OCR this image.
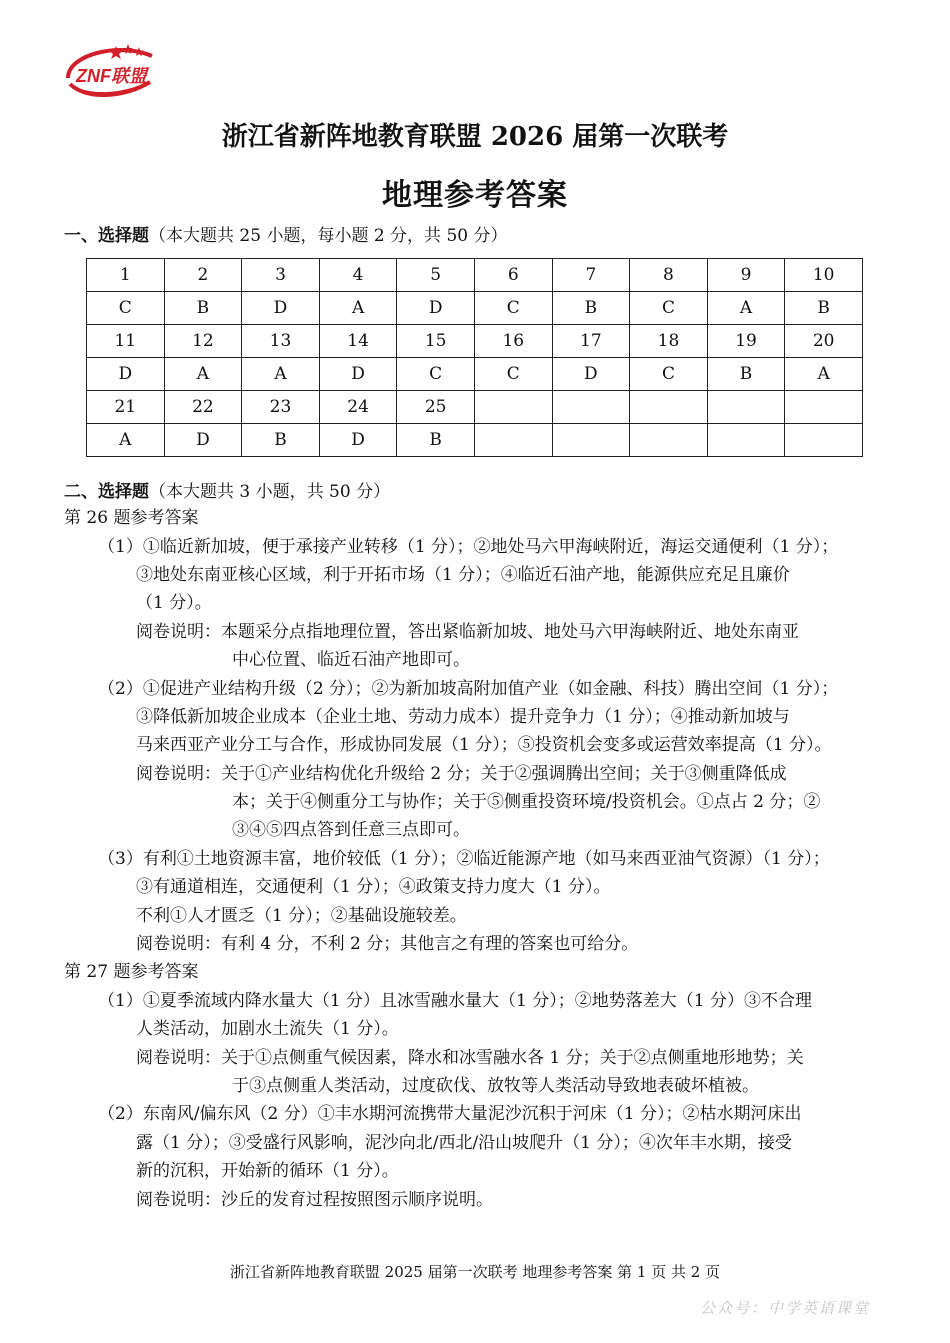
ZNF联盟
浙江省新阵地教育联盟 2026 届第一次联考
地理参考答案
一、选择题（本大题共 25 小题，每小题 2 分，共 50 分）
1	2	3	4	5	6	7	8	9	10
C	B	D	A	D	C	B	C	A	B
11	12	13	14	15	16	17	18	19	20
D	A	A	D	C	C	D	C	B	A
21	22	23	24	25					
A	D	B	D	B					
二、选择题（本大题共 3 小题，共 50 分）
第 26 题参考答案
（1）①临近新加坡，便于承接产业转移（1 分）；②地处马六甲海峡附近，海运交通便利（1 分）；
③地处东南亚核心区域，利于开拓市场（1 分）；④临近石油产地，能源供应充足且廉价
（1 分）。
阅卷说明：本题采分点指地理位置，答出紧临新加坡、地处马六甲海峡附近、地处东南亚
中心位置、临近石油产地即可。
（2）①促进产业结构升级（2 分）；②为新加坡高附加值产业（如金融、科技）腾出空间（1 分）；
③降低新加坡企业成本（企业土地、劳动力成本）提升竞争力（1 分）；④推动新加坡与
马来西亚产业分工与合作，形成协同发展（1 分）；⑤投资机会变多或运营效率提高（1 分）。
阅卷说明：关于①产业结构优化升级给 2 分；关于②强调腾出空间；关于③侧重降低成
本；关于④侧重分工与协作；关于⑤侧重投资环境/投资机会。①点占 2 分；②
③④⑤四点答到任意三点即可。
（3）有利①土地资源丰富，地价较低（1 分）；②临近能源产地（如马来西亚油气资源）（1 分）；
③有通道相连，交通便利（1 分）；④政策支持力度大（1 分）。
不利①人才匮乏（1 分）；②基础设施较差。
阅卷说明：有利 4 分，不利 2 分；其他言之有理的答案也可给分。
第 27 题参考答案
（1）①夏季流域内降水量大（1 分）且冰雪融水量大（1 分）；②地势落差大（1 分）③不合理
人类活动，加剧水土流失（1 分）。
阅卷说明：关于①点侧重气候因素，降水和冰雪融水各 1 分；关于②点侧重地形地势；关
于③点侧重人类活动，过度砍伐、放牧等人类活动导致地表破坏植被。
（2）东南风/偏东风（2 分）①丰水期河流携带大量泥沙沉积于河床（1 分）；②枯水期河床出
露（1 分）；③受盛行风影响，泥沙向北/西北/沿山坡爬升（1 分）；④次年丰水期，接受
新的沉积，开始新的循环（1 分）。
阅卷说明：沙丘的发育过程按照图示顺序说明。
浙江省新阵地教育联盟 2025 届第一次联考 地理参考答案 第 1 页 共 2 页
公众号：中学英语课堂
